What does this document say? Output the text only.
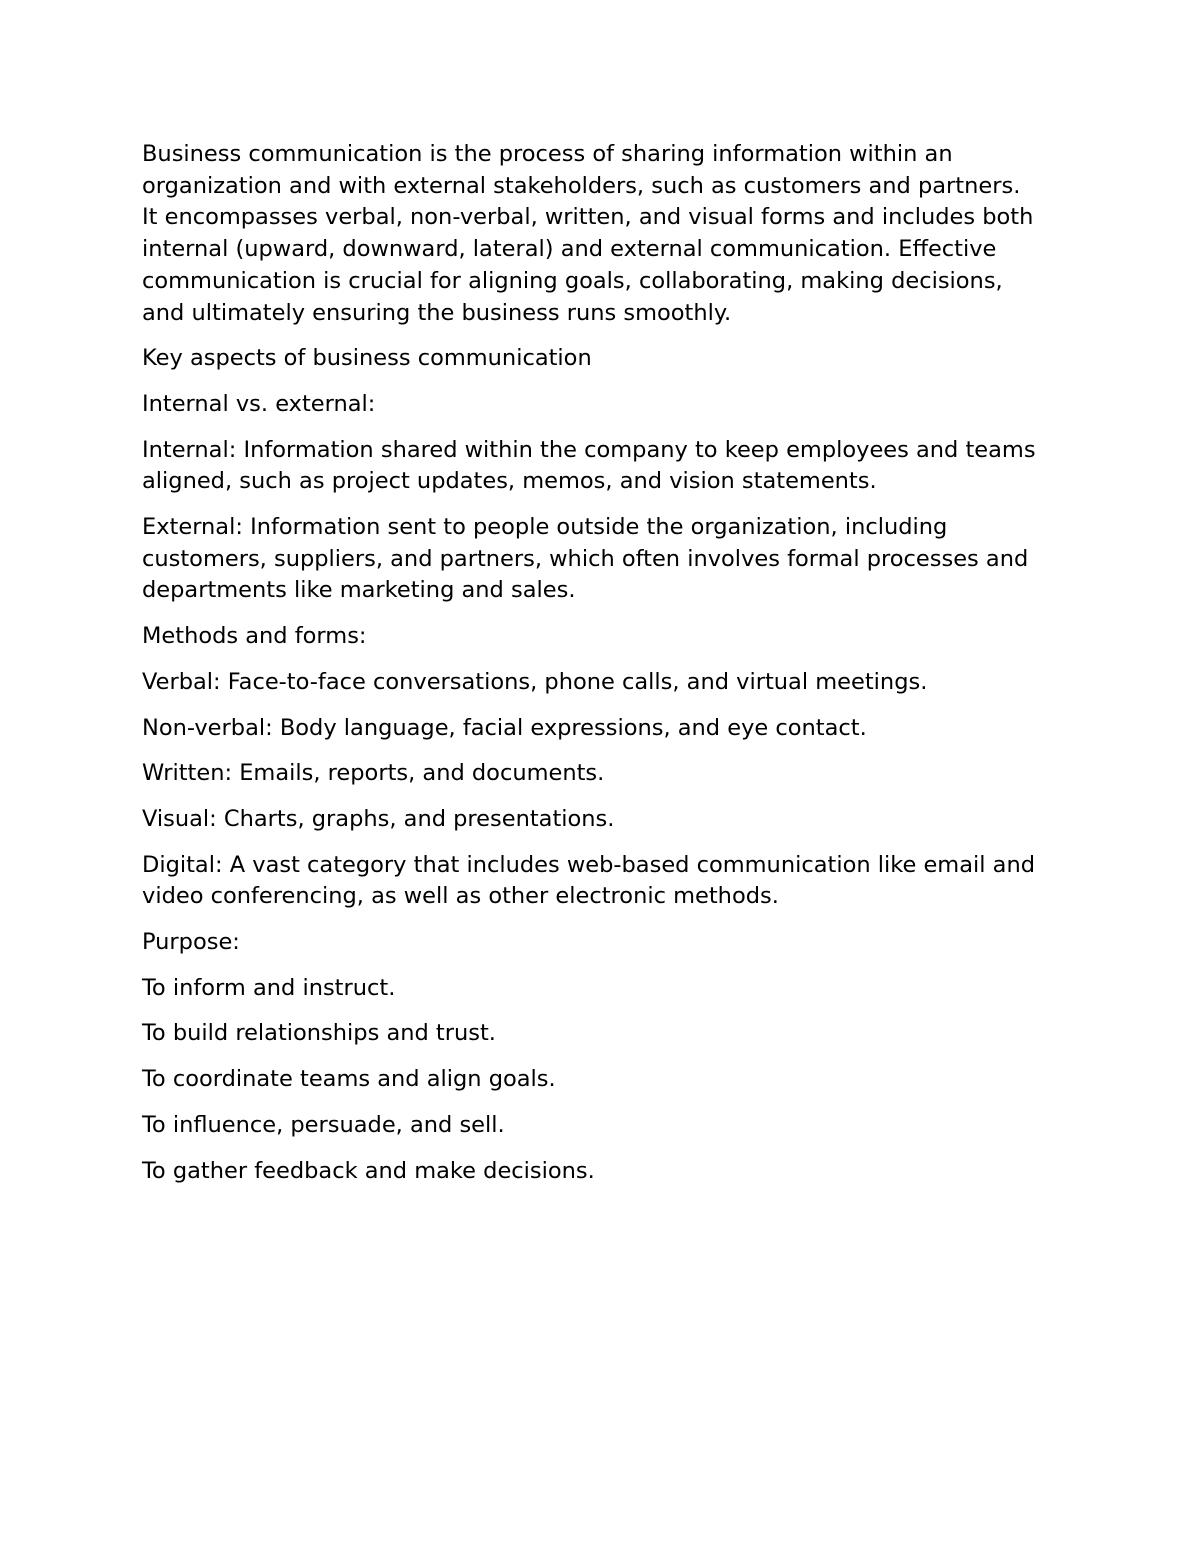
Business communication is the process of sharing information within an organization and with external stakeholders, such as customers and partners. It encompasses verbal, non-verbal, written, and visual forms and includes both internal (upward, downward, lateral) and external communication. Effective communication is crucial for aligning goals, collaborating, making decisions, and ultimately ensuring the business runs smoothly.

Key aspects of business communication

Internal vs. external:

Internal: Information shared within the company to keep employees and teams aligned, such as project updates, memos, and vision statements.

External: Information sent to people outside the organization, including customers, suppliers, and partners, which often involves formal processes and departments like marketing and sales.

Methods and forms:

Verbal: Face-to-face conversations, phone calls, and virtual meetings.

Non-verbal: Body language, facial expressions, and eye contact.

Written: Emails, reports, and documents.

Visual: Charts, graphs, and presentations.

Digital: A vast category that includes web-based communication like email and video conferencing, as well as other electronic methods.

Purpose:

To inform and instruct.

To build relationships and trust.

To coordinate teams and align goals.

To influence, persuade, and sell.

To gather feedback and make decisions.
